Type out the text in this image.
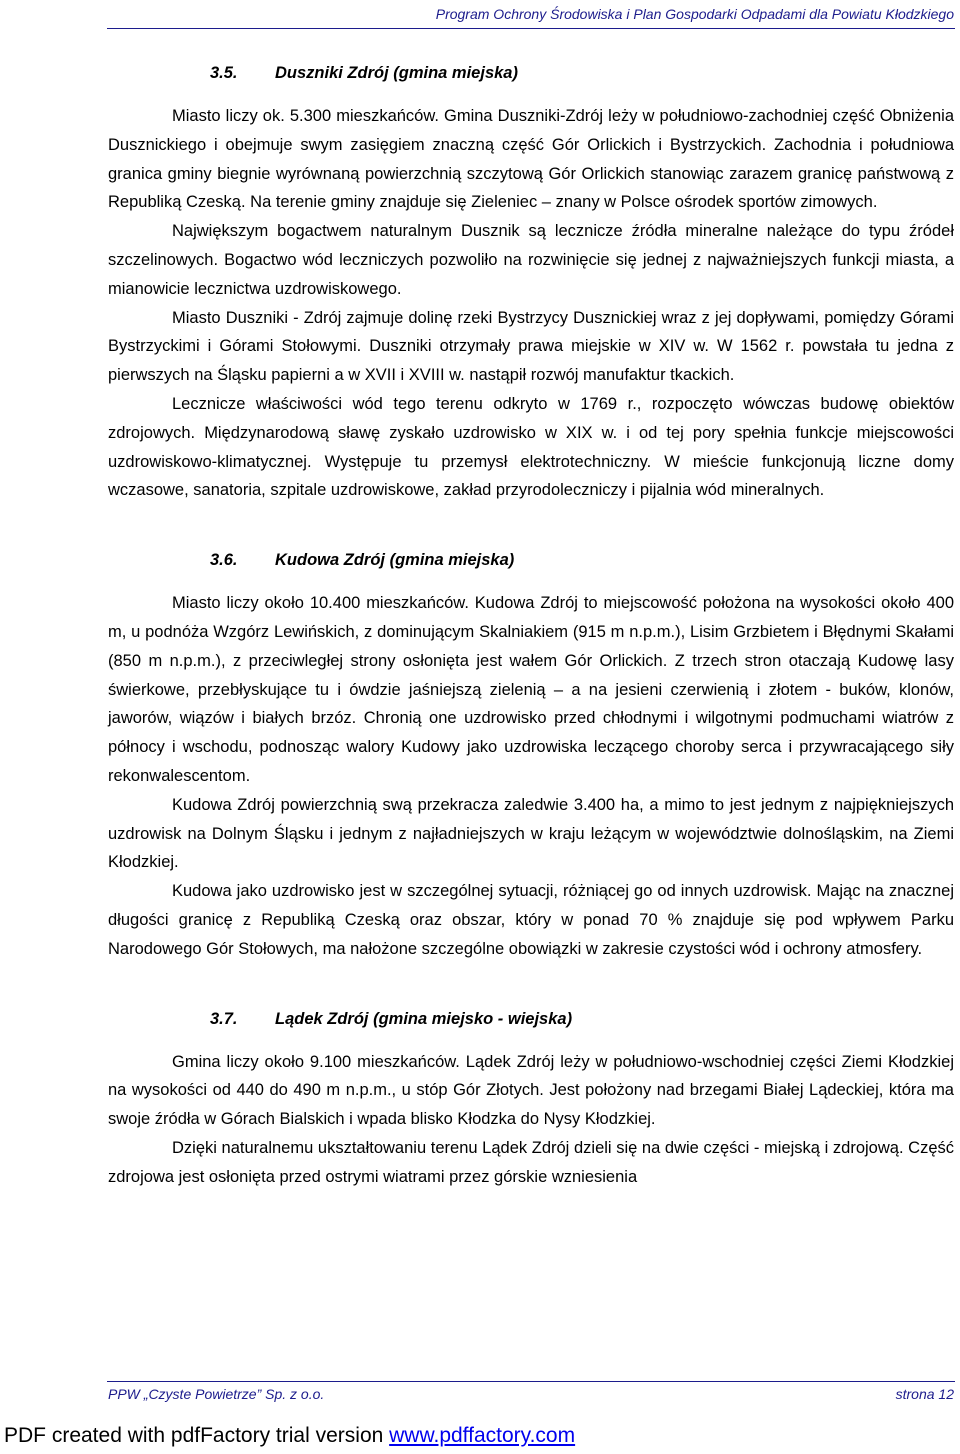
Program Ochrony Środowiska i Plan Gospodarki Odpadami dla Powiatu Kłodzkiego
3.5.	Duszniki Zdrój (gmina miejska)

Miasto liczy ok. 5.300 mieszkańców. Gmina Duszniki-Zdrój leży w południowo-zachodniej część Obniżenia Dusznickiego i obejmuje swym zasięgiem znaczną część Gór Orlickich i Bystrzyckich. Zachodnia i południowa granica gminy biegnie wyrównaną powierzchnią szczytową Gór Orlickich stanowiąc zarazem granicę państwową z Republiką Czeską. Na terenie gminy znajduje się Zieleniec – znany w Polsce ośrodek sportów zimowych.

Największym bogactwem naturalnym Dusznik są lecznicze źródła mineralne należące do typu źródeł szczelinowych. Bogactwo wód leczniczych pozwoliło na rozwinięcie się jednej z najważniejszych funkcji miasta, a mianowicie lecznictwa uzdrowiskowego.

Miasto Duszniki - Zdrój zajmuje dolinę rzeki Bystrzycy Dusznickiej wraz z jej dopływami, pomiędzy Górami Bystrzyckimi i Górami Stołowymi. Duszniki otrzymały prawa miejskie w XIV w. W 1562 r. powstała tu jedna z pierwszych na Śląsku papierni a w XVII i XVIII w. nastąpił rozwój manufaktur tkackich.

Lecznicze właściwości wód tego terenu odkryto w 1769 r., rozpoczęto wówczas budowę obiektów zdrojowych. Międzynarodową sławę zyskało uzdrowisko w XIX w. i od tej pory spełnia funkcje miejscowości uzdrowiskowo-klimatycznej. Występuje tu przemysł elektrotechniczny. W mieście funkcjonują liczne domy wczasowe, sanatoria, szpitale uzdrowiskowe, zakład przyrodoleczniczy i pijalnia wód mineralnych.

3.6.	Kudowa Zdrój (gmina miejska)

Miasto liczy około 10.400 mieszkańców. Kudowa Zdrój to miejscowość położona na wysokości około 400 m, u podnóża Wzgórz Lewińskich, z dominującym Skalniakiem (915 m n.p.m.), Lisim Grzbietem i Błędnymi Skałami (850 m n.p.m.), z przeciwległej strony osłonięta jest wałem Gór Orlickich. Z trzech stron otaczają Kudowę lasy świerkowe, przebłyskujące tu i ówdzie jaśniejszą zielenią – a na jesieni czerwienią i złotem - buków, klonów, jaworów, wiązów i białych brzóz. Chronią one uzdrowisko przed chłodnymi i wilgotnymi podmuchami wiatrów z północy i wschodu, podnosząc walory Kudowy jako uzdrowiska leczącego choroby serca i przywracającego siły rekonwalescentom.

Kudowa Zdrój powierzchnią swą przekracza zaledwie 3.400 ha, a mimo to jest jednym z najpiękniejszych uzdrowisk na Dolnym Śląsku i jednym z najładniejszych w kraju leżącym w województwie dolnośląskim, na Ziemi Kłodzkiej.

Kudowa jako uzdrowisko jest w szczególnej sytuacji, różniącej go od innych uzdrowisk. Mając na znacznej długości granicę z Republiką Czeską oraz obszar, który w ponad 70 % znajduje się pod wpływem Parku Narodowego Gór Stołowych, ma nałożone szczególne obowiązki w zakresie czystości wód i ochrony atmosfery.

3.7.	Lądek Zdrój (gmina miejsko - wiejska)

Gmina liczy około 9.100 mieszkańców. Lądek Zdrój leży w południowo-wschodniej części Ziemi Kłodzkiej na wysokości od 440 do 490 m n.p.m., u stóp Gór Złotych. Jest położony nad brzegami Białej Lądeckiej, która ma swoje źródła w Górach Bialskich i wpada blisko Kłodzka do Nysy Kłodzkiej.

Dzięki naturalnemu ukształtowaniu terenu Lądek Zdrój dzieli się na dwie części - miejską i zdrojową. Część zdrojowa jest osłonięta przed ostrymi wiatrami przez górskie wzniesienia

PPW „Czyste Powietrze” Sp. z o.o.	strona 12
PDF created with pdfFactory trial version www.pdffactory.com
